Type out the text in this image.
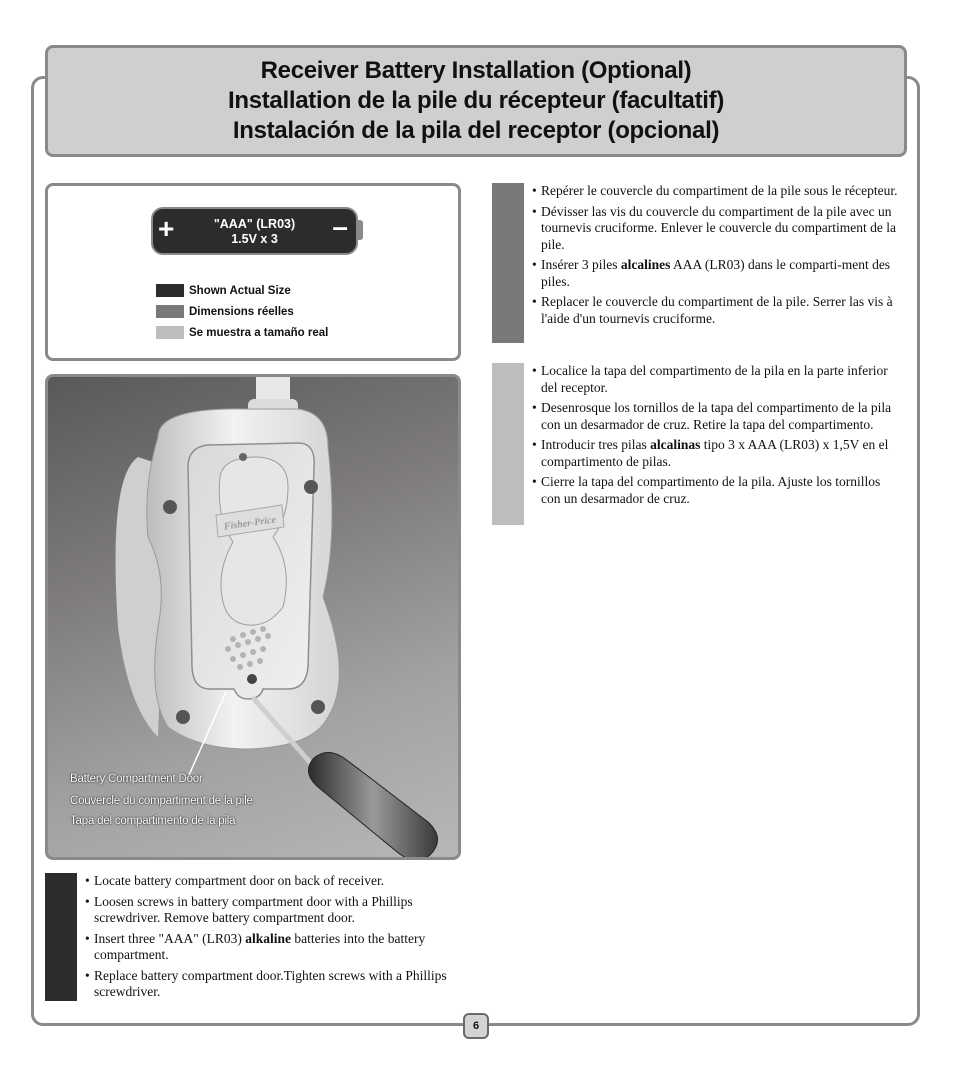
Receiver Battery Installation (Optional)
Installation de la pile du récepteur (facultatif)
Instalación de la pila del receptor (opcional)
+	"AAA" (LR03)
1.5V x 3	–
Shown Actual Size
Dimensions réelles
Se muestra a tamaño real
Fisher-Price
Battery Compartment Door
Couvercle du compartiment de la pile
Tapa del compartimento de la pila
• Repérer le couvercle du compartiment de la pile sous le récepteur.
• Dévisser las vis du couvercle du compartiment de la pile avec un tournevis cruciforme. Enlever le couvercle du compartiment de la pile.
• Insérer 3 piles alcalines AAA (LR03) dans le comparti-ment des piles.
• Replacer le couvercle du compartiment de la pile. Serrer las vis à l'aide d'un tournevis cruciforme.
• Localice la tapa del compartimento de la pila en la parte inferior del receptor.
• Desenrosque los tornillos de la tapa del compartimento de la pila con un desarmador de cruz. Retire la tapa del compartimento.
• Introducir tres pilas alcalinas tipo 3 x AAA (LR03) x 1,5V en el compartimento de pilas.
• Cierre la tapa del compartimento de la pila. Ajuste los tornillos con un desarmador de cruz.
• Locate battery compartment door on back of receiver.
• Loosen screws in battery compartment door with a Phillips screwdriver. Remove battery compartment door.
• Insert three "AAA" (LR03) alkaline batteries into the battery compartment.
• Replace battery compartment door.Tighten screws with a Phillips screwdriver.
6
